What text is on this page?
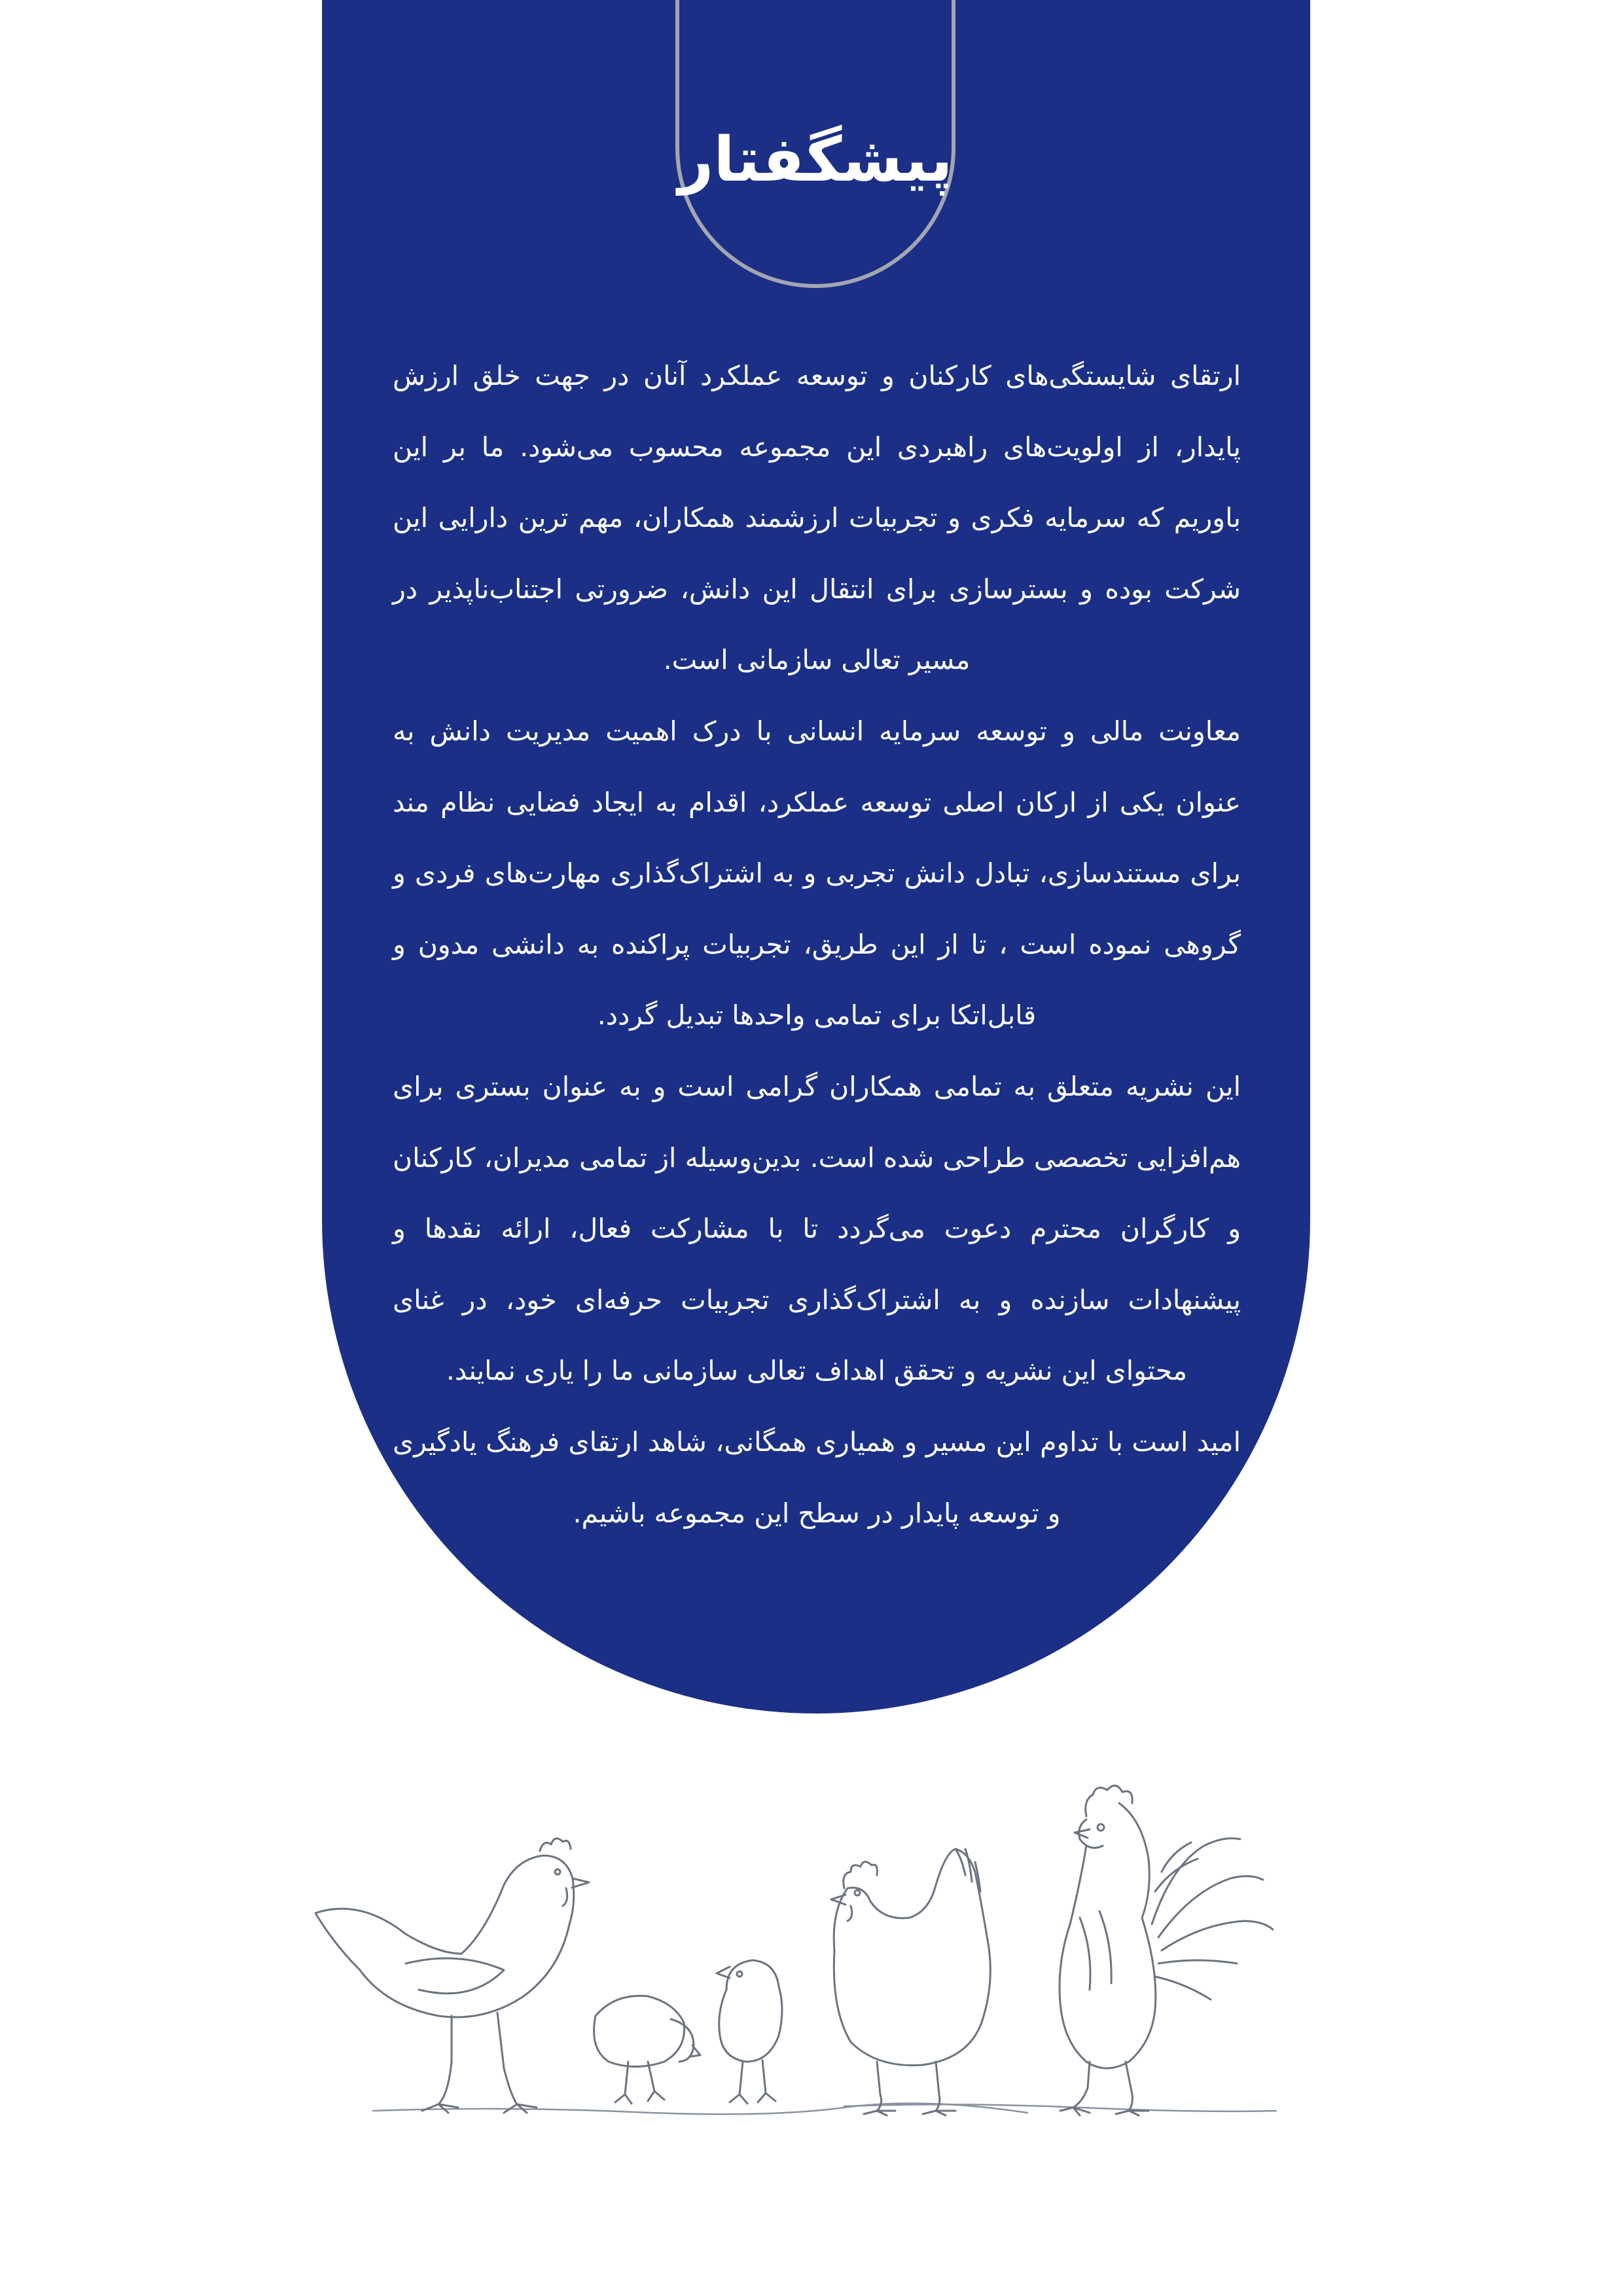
پیشگفتار

ارتقای شایستگی‌های کارکنان و توسعه عملکرد آنان در جهت خلق ارزش پایدار، از اولویت‌های راهبردی این مجموعه محسوب می‌شود. ما بر این باوریم که سرمایه فکری و تجربیات ارزشمند همکاران، مهم ترین دارایی این شرکت بوده و بسترسازی برای انتقال این دانش، ضرورتی اجتناب‌ناپذیر در مسیر تعالی سازمانی است.

معاونت مالی و توسعه سرمایه انسانی با درک اهمیت مدیریت دانش به عنوان یکی از ارکان اصلی توسعه عملکرد، اقدام به ایجاد فضایی نظام مند برای مستندسازی، تبادل دانش تجربی و به اشتراک‌گذاری مهارت‌های فردی و گروهی نموده است ، تا از این طریق، تجربیات پراکنده به دانشی مدون و قابل‌اتکا برای تمامی واحدها تبدیل گردد.

این نشریه متعلق به تمامی همکاران گرامی است و به عنوان بستری برای هم‌افزایی تخصصی طراحی شده است. بدین‌وسیله از تمامی مدیران، کارکنان و کارگران محترم دعوت می‌گردد تا با مشارکت فعال، ارائه نقدها و پیشنهادات سازنده و به اشتراک‌گذاری تجربیات حرفه‌ای خود، در غنای محتوای این نشریه و تحقق اهداف تعالی سازمانی ما را یاری نمایند.

امید است با تداوم این مسیر و همیاری همگانی، شاهد ارتقای فرهنگ یادگیری و توسعه پایدار در سطح این مجموعه باشیم.
